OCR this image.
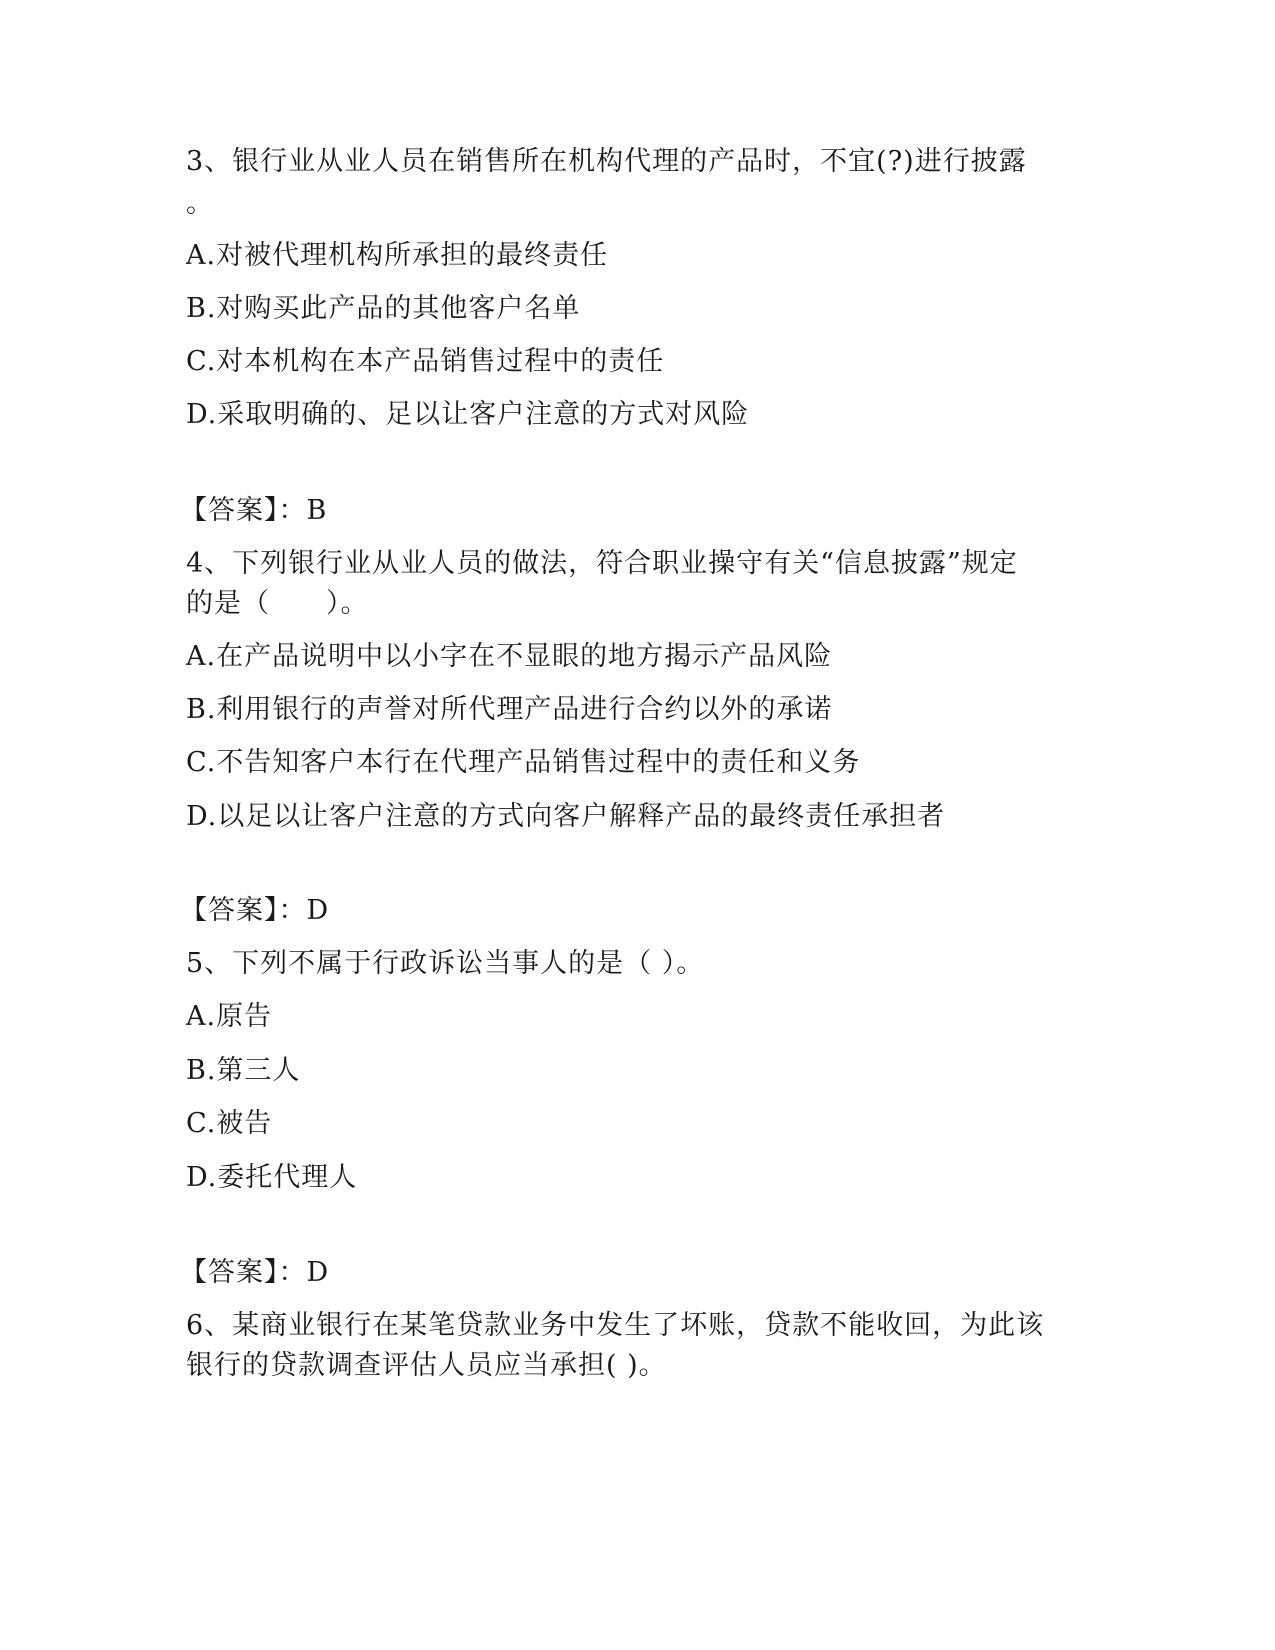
3、银行业从业人员在销售所在机构代理的产品时，不宜(?)进行披露
。
A.对被代理机构所承担的最终责任
B.对购买此产品的其他客户名单
C.对本机构在本产品销售过程中的责任
D.采取明确的、足以让客户注意的方式对风险
【答案】：B
4、下列银行业从业人员的做法，符合职业操守有关“信息披露”规定
的是（　　）。
A.在产品说明中以小字在不显眼的地方揭示产品风险
B.利用银行的声誉对所代理产品进行合约以外的承诺
C.不告知客户本行在代理产品销售过程中的责任和义务
D.以足以让客户注意的方式向客户解释产品的最终责任承担者
【答案】：D
5、下列不属于行政诉讼当事人的是（ ）。
A.原告
B.第三人
C.被告
D.委托代理人
【答案】：D
6、某商业银行在某笔贷款业务中发生了坏账，贷款不能收回，为此该
银行的贷款调查评估人员应当承担( )。
